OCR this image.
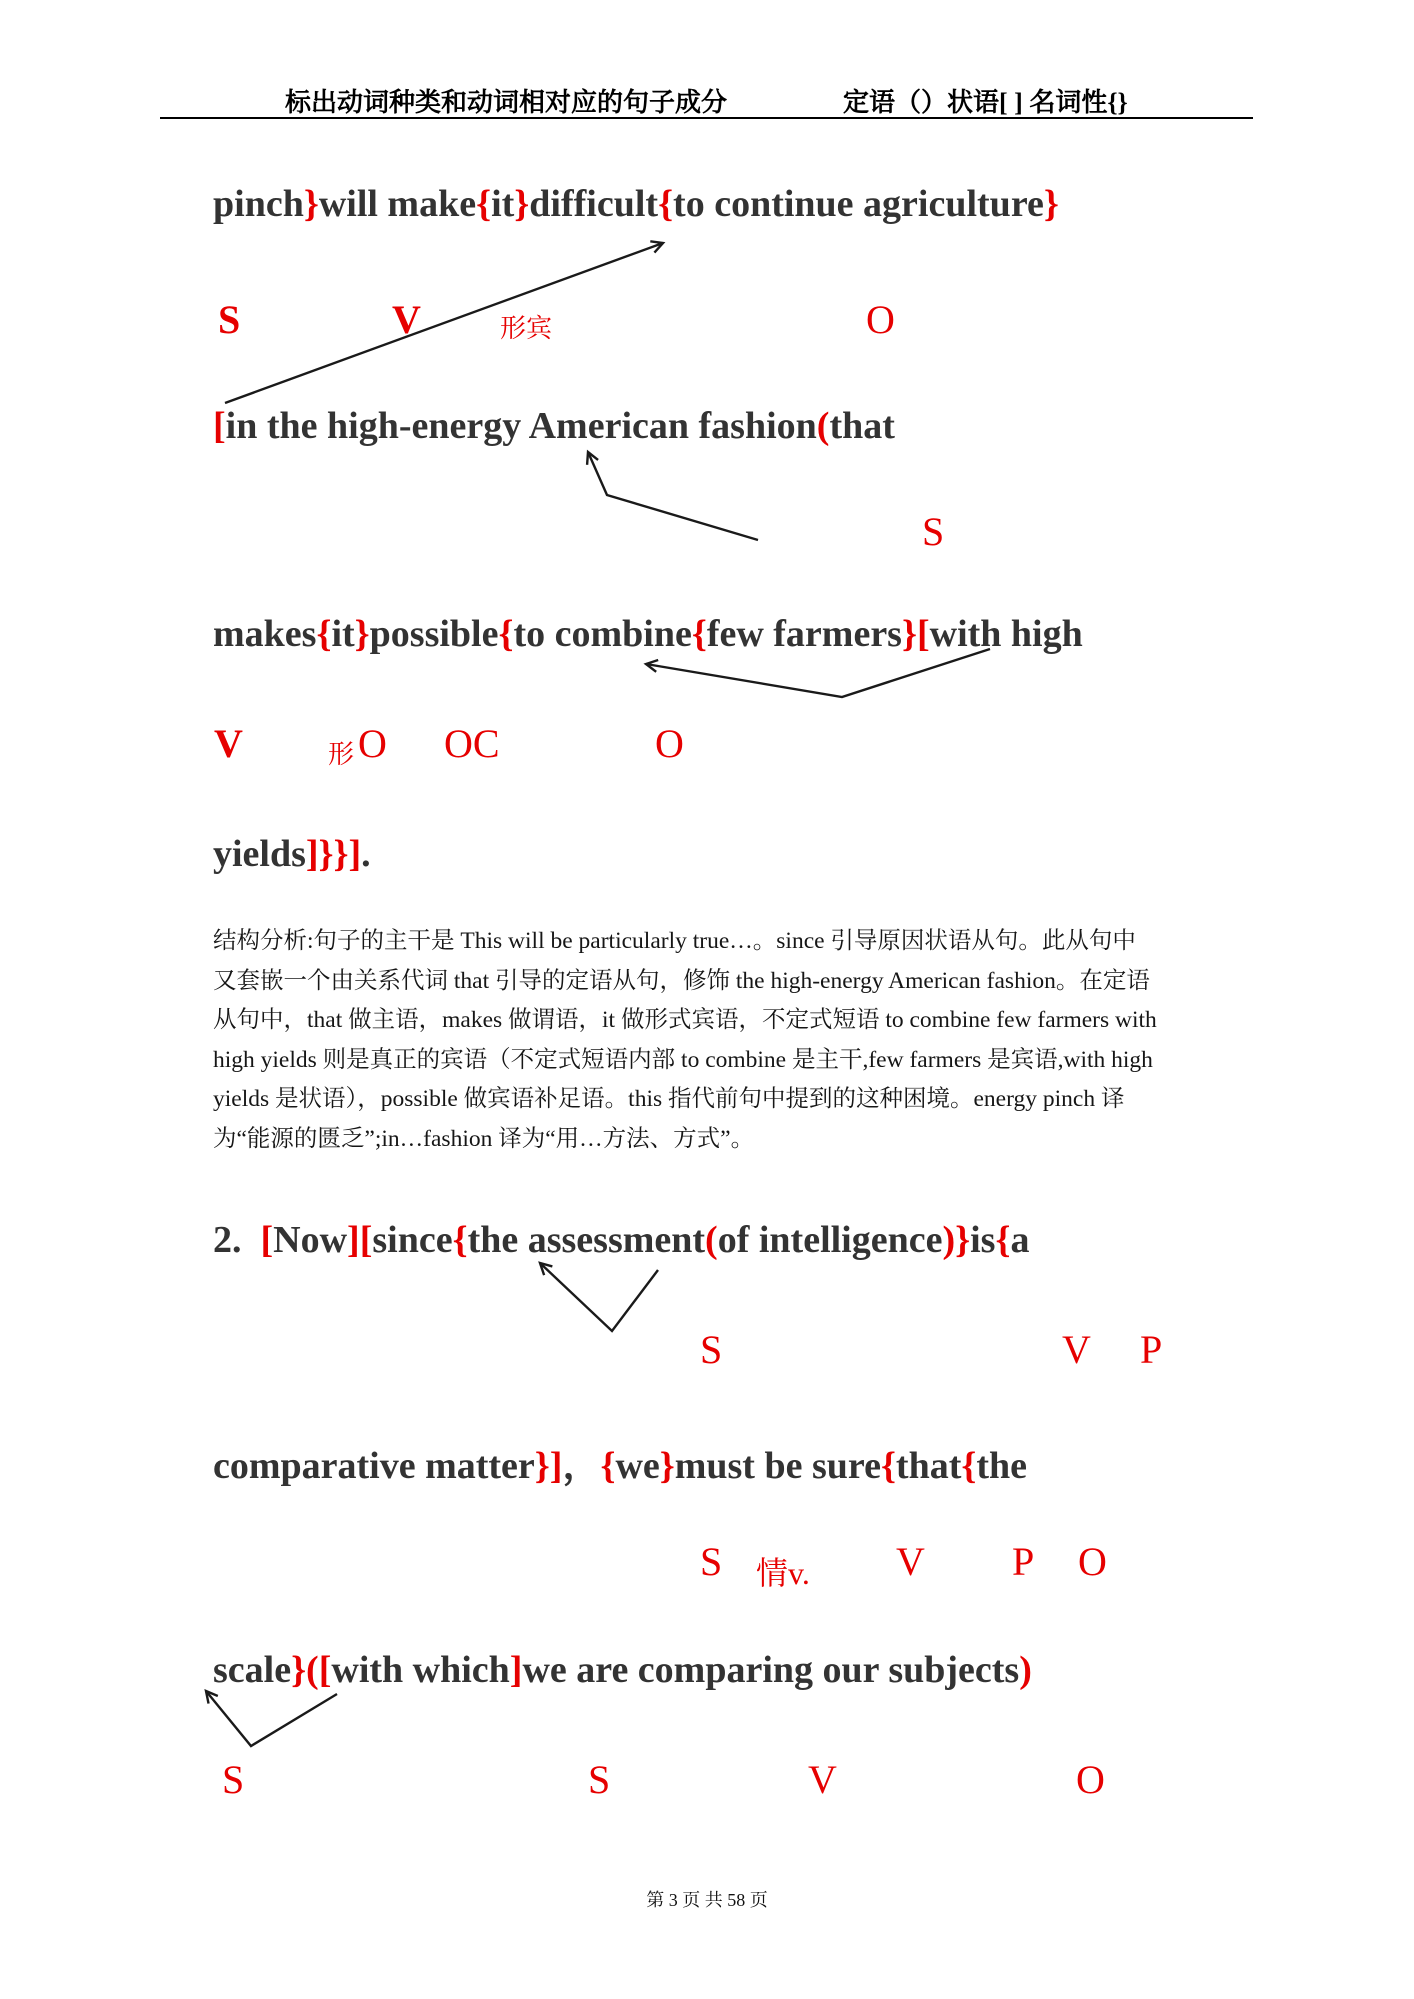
标出动词种类和动词相对应的句子成分	定语（）状语[ ] 名词性{}
pinch}will make{it}difficult{to continue agriculture}
[in the high-energy American fashion(that
makes{it}possible{to combine{few farmers}[with high
yields]}}].
2.  [Now][since{the assessment(of intelligence)}is{a
comparative matter}]，{we}must be sure{that{the
scale}([with which]we are comparing our subjects)
S	V	形宾	O
S
V	形 O OC	O
S	V P
S 情v. V P O
S	S	V	O
结构分析:句子的主干是 This will be particularly true…。since 引导原因状语从句。此从句中
又套嵌一个由关系代词 that 引导的定语从句，修饰 the high-energy American fashion。在定语
从句中，that 做主语，makes 做谓语，it 做形式宾语，不定式短语 to combine few farmers with
high yields 则是真正的宾语（不定式短语内部 to combine 是主干,few farmers 是宾语,with high
yields 是状语），possible 做宾语补足语。this 指代前句中提到的这种困境。energy pinch 译
为“能源的匮乏”;in…fashion 译为“用…方法、方式”。
第 3 页 共 58 页
